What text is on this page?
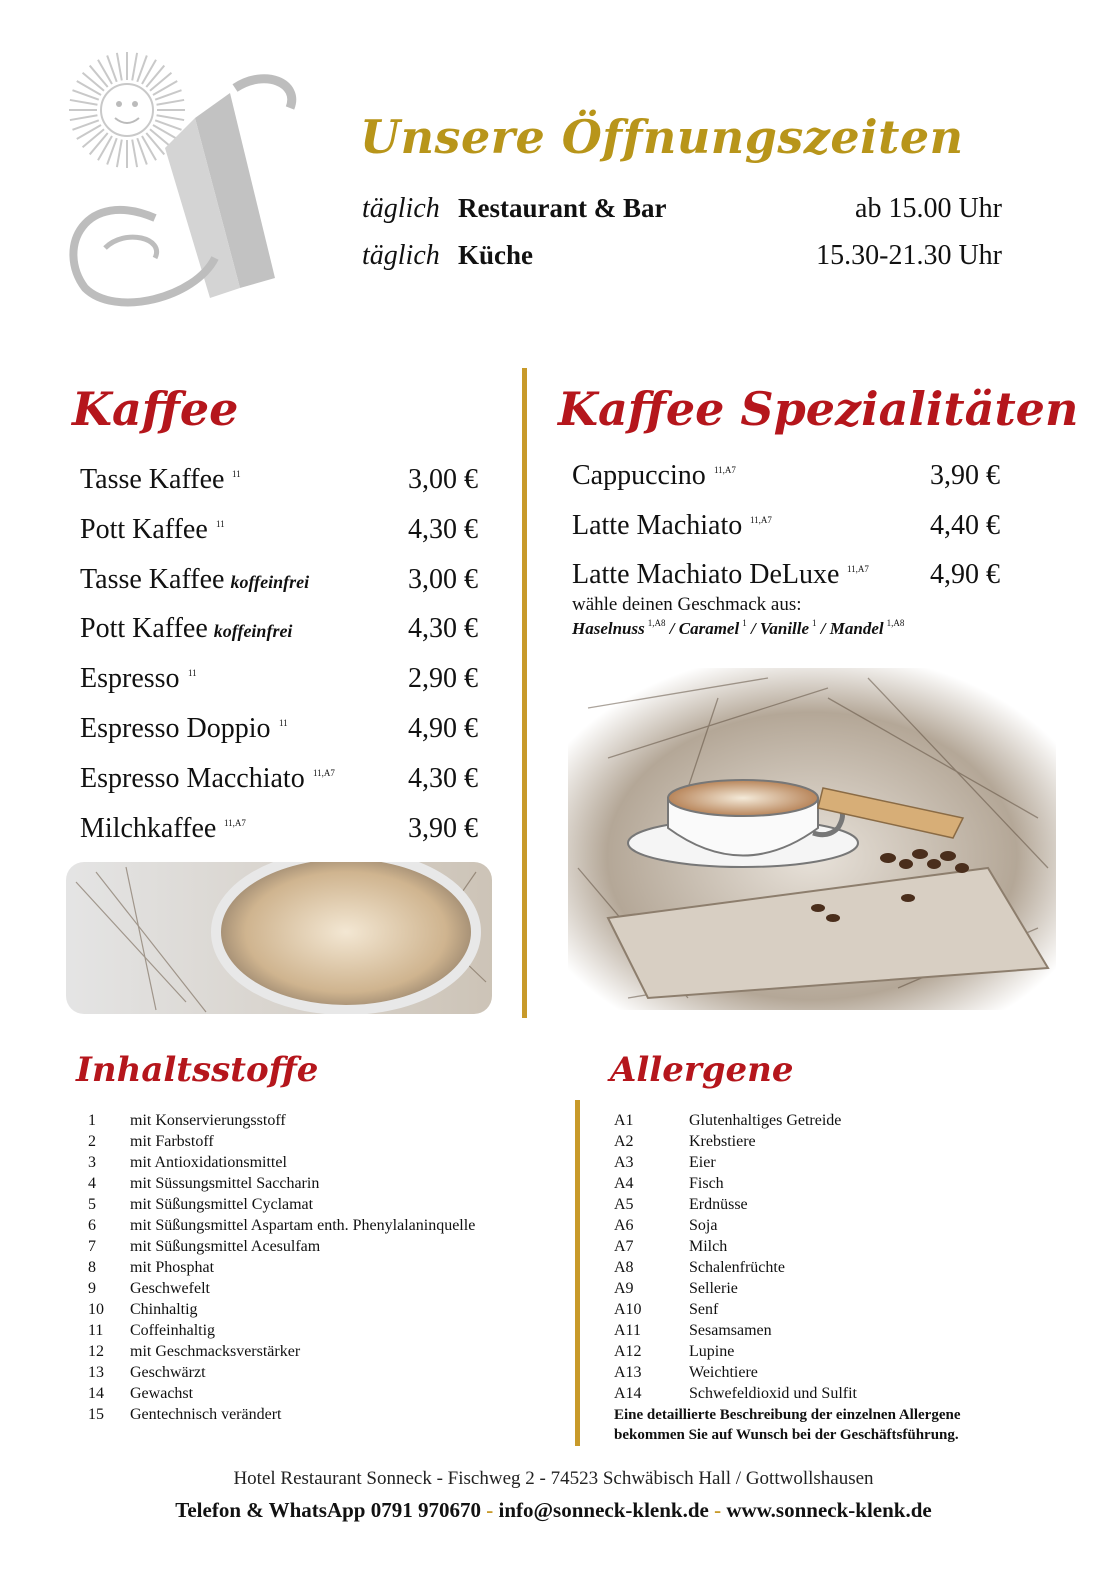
Unsere Öffnungszeiten
täglich Restaurant & Bar	ab 15.00 Uhr
täglich Küche	15.30-21.30 Uhr
Kaffee	Kaffee Spezialitäten
Tasse Kaffee 11	3,00 €
Pott Kaffee 11	4,30 €
Tasse Kaffee koffeinfrei	3,00 €
Pott Kaffee koffeinfrei	4,30 €
Espresso 11	2,90 €
Espresso Doppio 11	4,90 €
Espresso Macchiato 11,A7	4,30 €
Milchkaffee 11,A7	3,90 €
Cappuccino	3,90 €
11,A7
Latte Machiato	4,40 €
11,A7
Latte Machiato DeLuxe	4,90 €
11,A7
wähle deinen Geschmack aus:
Haselnuss $^{1,A8}$ / Caramel $^1$ / Vanille $^1$ / Mandel $^{1,A8}$
Inhaltsstoffe
1 mit Konservierungsstoff
2 mit Farbstoff
3 mit Antioxidationsmittel
4 mit Süssungsmittel Saccharin
5 mit Süßungsmittel Cyclamat
6 mit Süßungsmittel Aspartam enth. Phenylalaninquelle
7 mit Süßungsmittel Acesulfam
8 mit Phosphat
9 Geschwefelt
10 Chinhaltig
11 Coffeinhaltig
12 mit Geschmacksverstärker
13 Geschwärzt
14 Gewachst
15 Gentechnisch verändert
Allergene
A1	Glutenhaltiges Getreide
A2	Krebstiere
A3	Eier
A4	Fisch
A5	Erdnüsse
A6	Soja
A7	Milch
A8	Schalenfrüchte
A9	Sellerie
A10	Senf
A11	Sesamsamen
A12	Lupine
A13	Weichtiere
A14	Schwefeldioxid und Sulfit
Eine detaillierte Beschreibung der einzelnen Allergene
bekommen Sie auf Wunsch bei der Geschäftsführung.
Hotel Restaurant Sonneck - Fischweg 2 - 74523 Schwäbisch Hall / Gottwollshausen
Telefon & WhatsApp 0791 970670 - info@sonneck-klenk.de - www.sonneck-klenk.de
